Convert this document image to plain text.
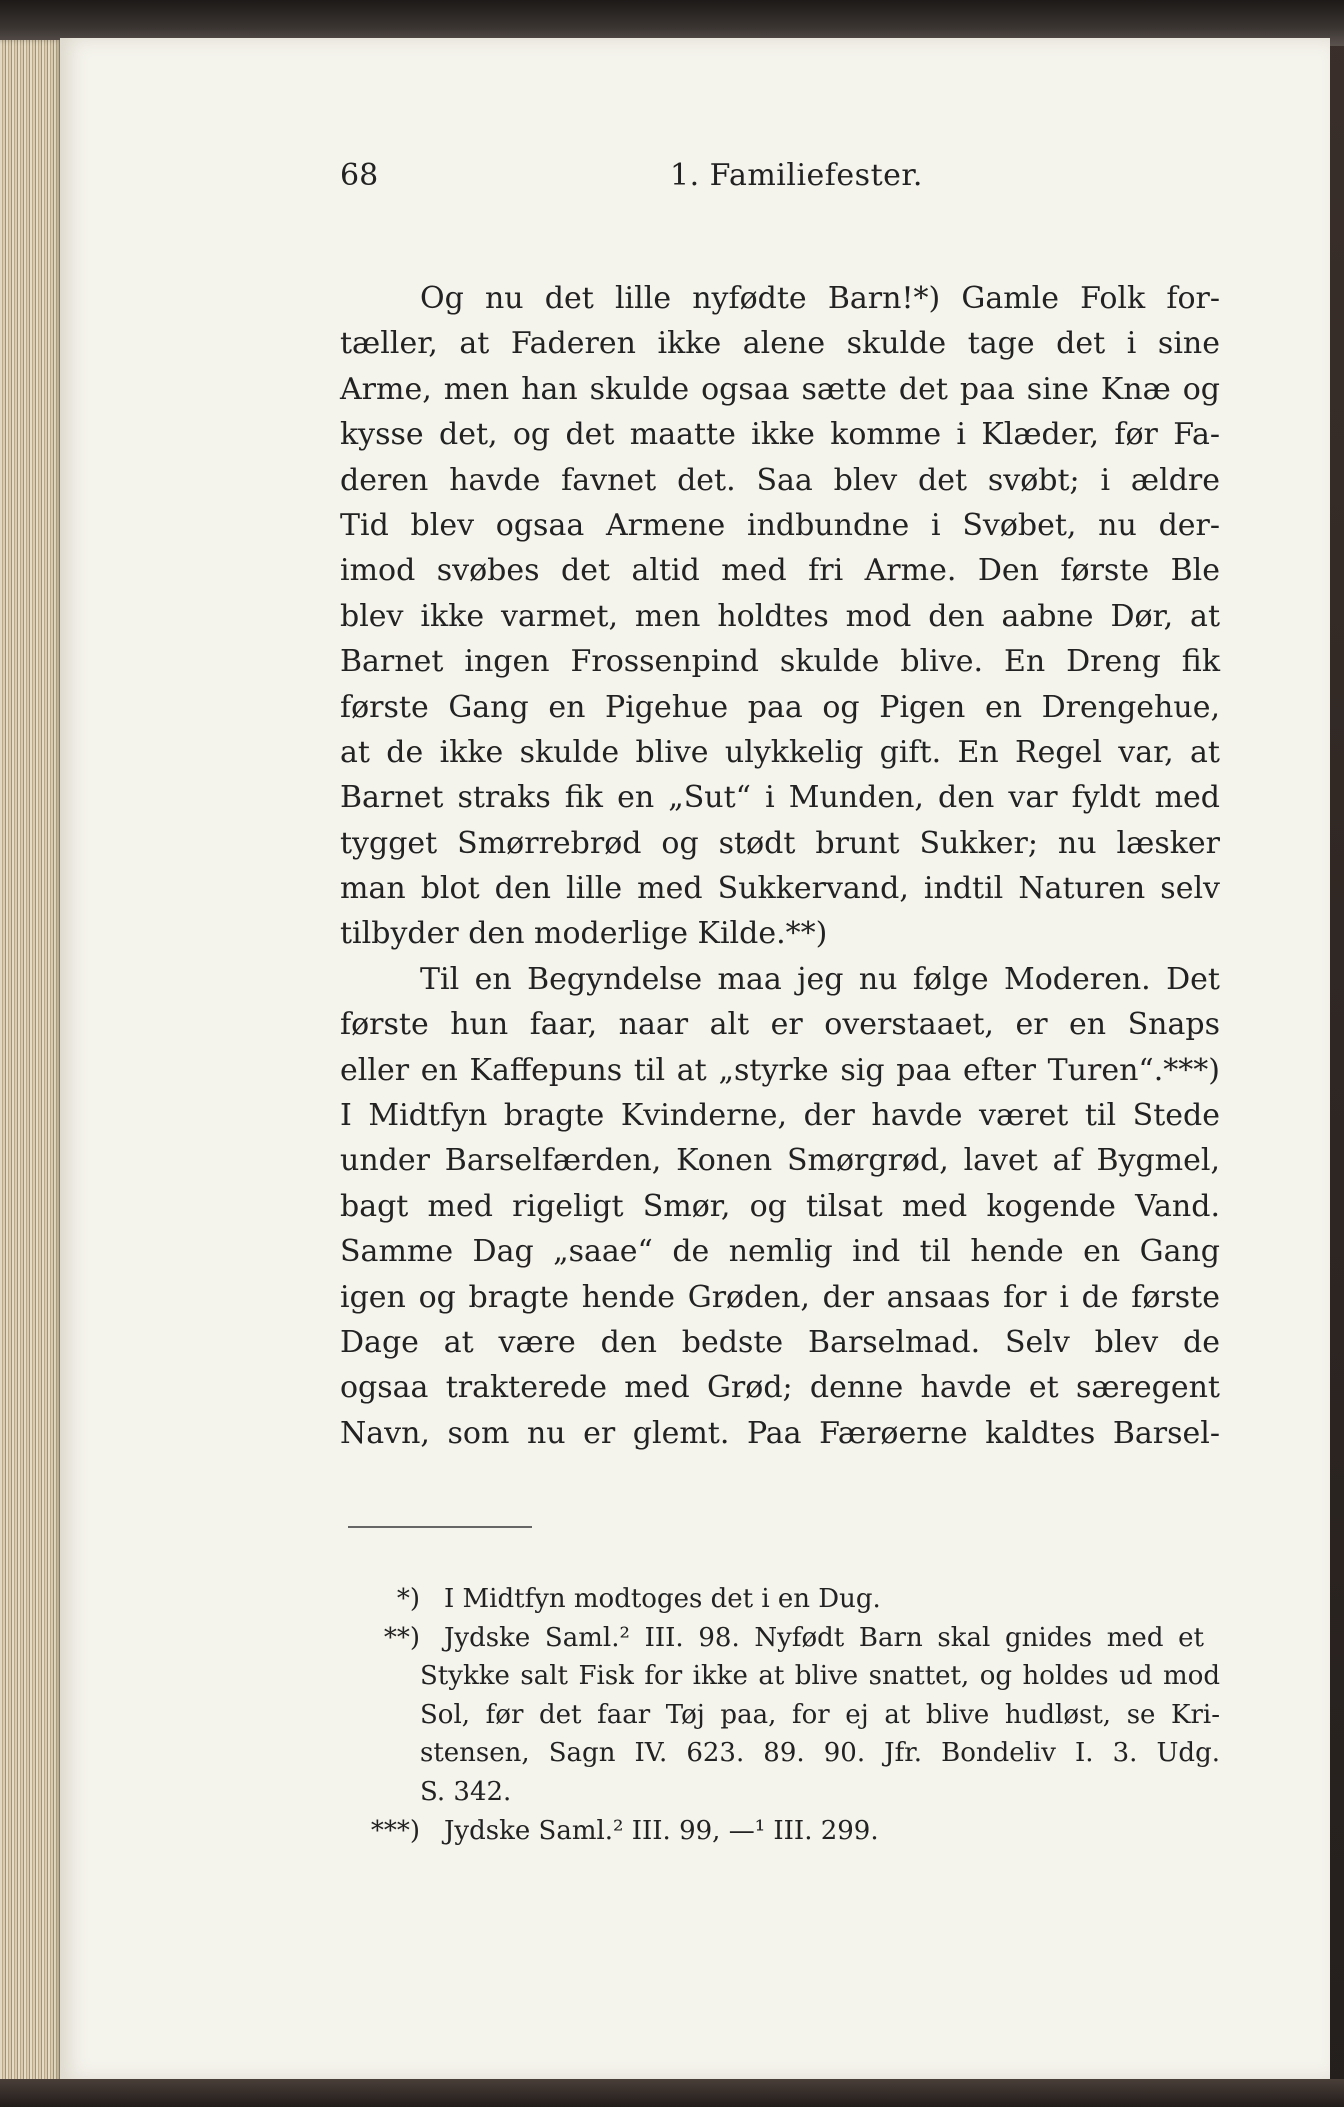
68	1. Familiefester.
Og nu det lille nyfødte Barn!*) Gamle Folk for-
tæller, at Faderen ikke alene skulde tage det i sine
Arme, men han skulde ogsaa sætte det paa sine Knæ og
kysse det, og det maatte ikke komme i Klæder, før Fa-
deren havde favnet det. Saa blev det svøbt; i ældre
Tid blev ogsaa Armene indbundne i Svøbet, nu der-
imod svøbes det altid med fri Arme. Den første Ble
blev ikke varmet, men holdtes mod den aabne Dør, at
Barnet ingen Frossenpind skulde blive. En Dreng fik
første Gang en Pigehue paa og Pigen en Drengehue,
at de ikke skulde blive ulykkelig gift. En Regel var, at
Barnet straks fik en „Sut“ i Munden, den var fyldt med
tygget Smørrebrød og stødt brunt Sukker; nu læsker
man blot den lille med Sukkervand, indtil Naturen selv
tilbyder den moderlige Kilde.**)
Til en Begyndelse maa jeg nu følge Moderen. Det
første hun faar, naar alt er overstaaet, er en Snaps
eller en Kaffepuns til at „styrke sig paa efter Turen“.***)
I Midtfyn bragte Kvinderne, der havde været til Stede
under Barselfærden, Konen Smørgrød, lavet af Bygmel,
bagt med rigeligt Smør, og tilsat med kogende Vand.
Samme Dag „saae“ de nemlig ind til hende en Gang
igen og bragte hende Grøden, der ansaas for i de første
Dage at være den bedste Barselmad. Selv blev de
ogsaa trakterede med Grød; denne havde et særegent
Navn, som nu er glemt. Paa Færøerne kaldtes Barsel-
*) I Midtfyn modtoges det i en Dug.
**) Jydske Saml.² III. 98. Nyfødt Barn skal gnides med et
Stykke salt Fisk for ikke at blive snattet, og holdes ud mod
Sol, før det faar Tøj paa, for ej at blive hudløst, se Kri-
stensen, Sagn IV. 623. 89. 90. Jfr. Bondeliv I. 3. Udg.
S. 342.
***) Jydske Saml.² III. 99, —¹ III. 299.
